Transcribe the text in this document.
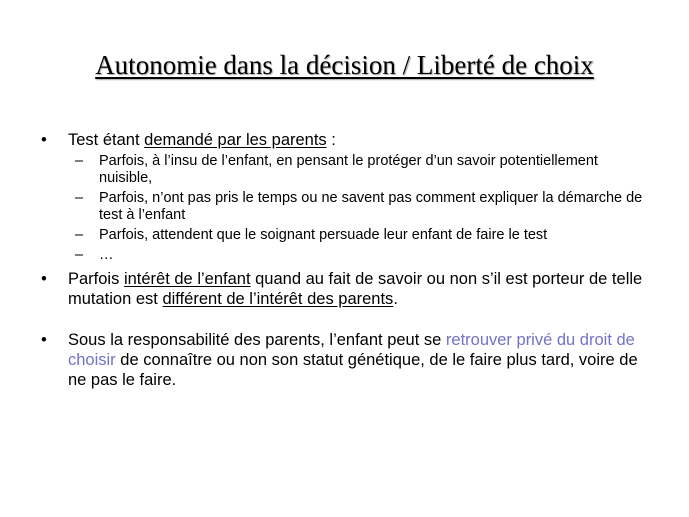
Autonomie dans la décision / Liberté de choix
• Test étant demandé par les parents :
– Parfois, à l’insu de l’enfant, en pensant le protéger d’un savoir potentiellement nuisible,
– Parfois, n’ont pas pris le temps ou ne savent pas comment expliquer la démarche de test à l’enfant
– Parfois, attendent que le soignant persuade leur enfant de faire le test
– …
• Parfois intérêt de l’enfant quand au fait de savoir ou non s’il est porteur de telle mutation est différent de l’intérêt des parents.
• Sous la responsabilité des parents, l’enfant peut se retrouver privé du droit de choisir de connaître ou non son statut génétique, de le faire plus tard, voire de ne pas le faire.
